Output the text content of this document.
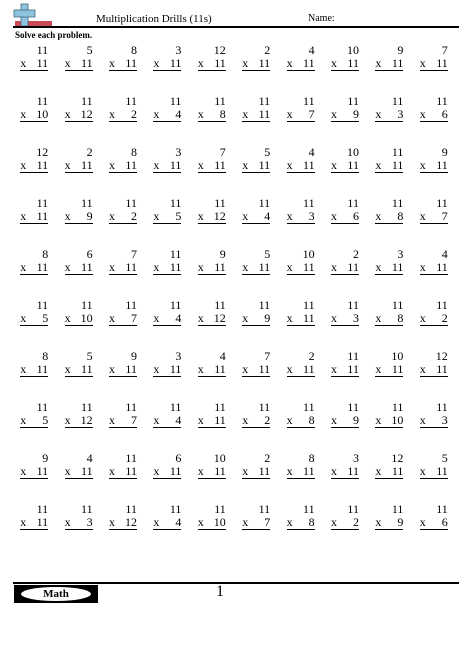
Multiplication Drills (11s)	Name:
Solve each problem.
11
x 11
5
x 11
8
x 11
3
x 11
12
x 11
2
x 11
4
x 11
10
x 11
9
x 11
7
x 11
11
x 10
11
x 12
11
x 2
11
x 4
11
x 8
11
x 11
11
x 7
11
x 9
11
x 3
11
x 6
12
x 11
2
x 11
8
x 11
3
x 11
7
x 11
5
x 11
4
x 11
10
x 11
11
x 11
9
x 11
11
x 11
11
x 9
11
x 2
11
x 5
11
x 12
11
x 4
11
x 3
11
x 6
11
x 8
11
x 7
8
x 11
6
x 11
7
x 11
11
x 11
9
x 11
5
x 11
10
x 11
2
x 11
3
x 11
4
x 11
11
x 5
11
x 10
11
x 7
11
x 4
11
x 12
11
x 9
11
x 11
11
x 3
11
x 8
11
x 2
8
x 11
5
x 11
9
x 11
3
x 11
4
x 11
7
x 11
2
x 11
11
x 11
10
x 11
12
x 11
11
x 5
11
x 12
11
x 7
11
x 4
11
x 11
11
x 2
11
x 8
11
x 9
11
x 10
11
x 3
9
x 11
4
x 11
11
x 11
6
x 11
10
x 11
2
x 11
8
x 11
3
x 11
12
x 11
5
x 11
11
x 11
11
x 3
11
x 12
11
x 4
11
x 10
11
x 7
11
x 8
11
x 2
11
x 9
11
x 6
Math	1
